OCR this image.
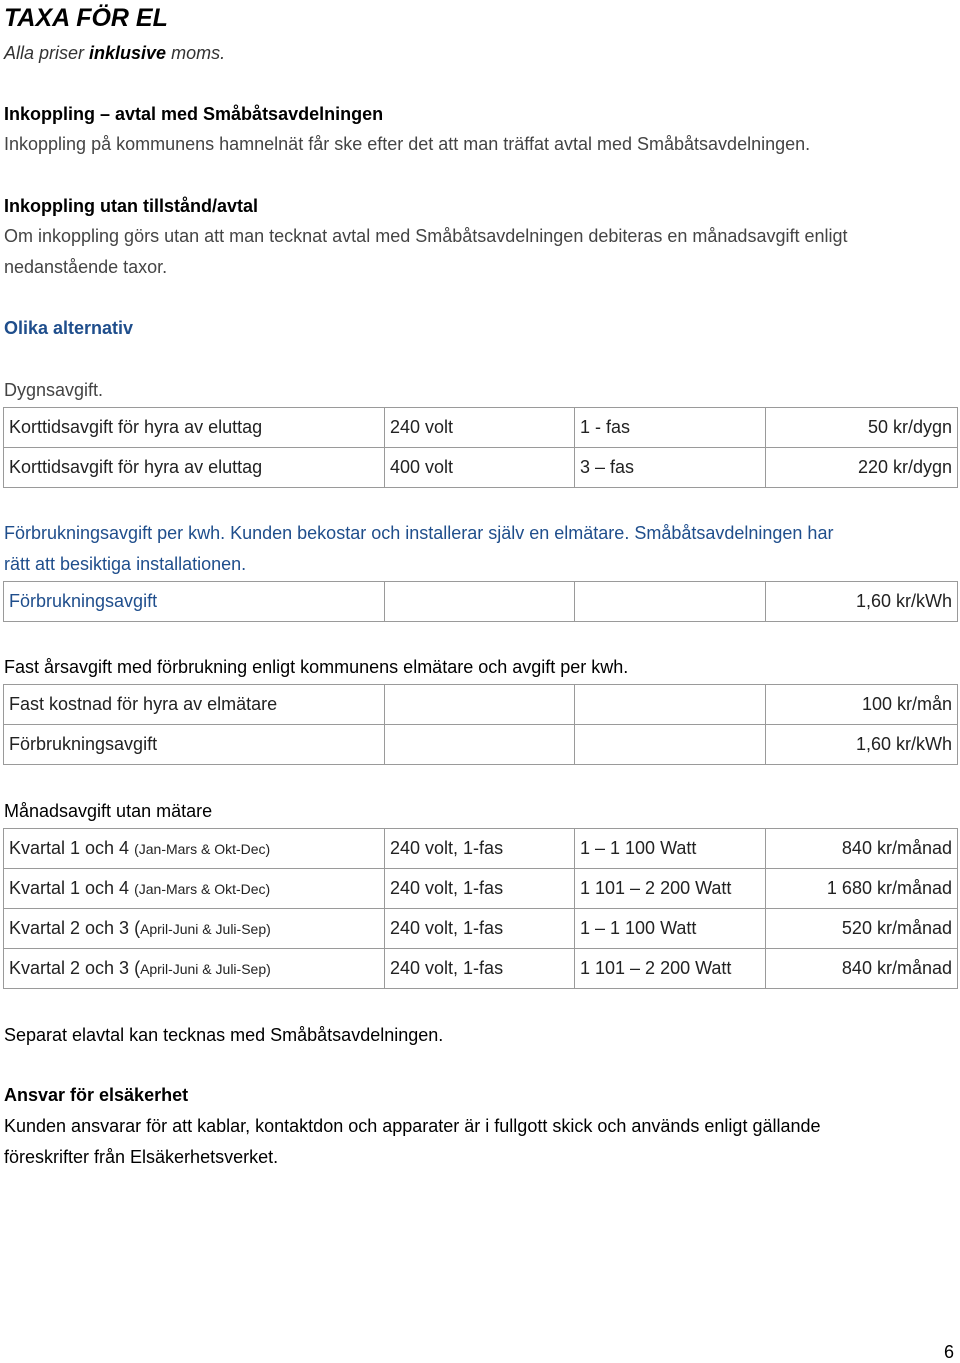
TAXA FÖR EL
Alla priser inklusive moms.
Inkoppling – avtal med Småbåtsavdelningen
Inkoppling på kommunens hamnelnät får ske efter det att man träffat avtal med Småbåtsavdelningen.
Inkoppling utan tillstånd/avtal
Om inkoppling görs utan att man tecknat avtal med Småbåtsavdelningen debiteras en månadsavgift enligt
nedanstående taxor.
Olika alternativ
Dygnsavgift.
Korttidsavgift för hyra av eluttag	240 volt	1 - fas	50 kr/dygn
Korttidsavgift för hyra av eluttag	400 volt	3 – fas	220 kr/dygn
Förbrukningsavgift per kwh. Kunden bekostar och installerar själv en elmätare. Småbåtsavdelningen har
rätt att besiktiga installationen.
Förbrukningsavgift			1,60 kr/kWh
Fast årsavgift med förbrukning enligt kommunens elmätare och avgift per kwh.
Fast kostnad för hyra av elmätare			100 kr/mån
Förbrukningsavgift			1,60 kr/kWh
Månadsavgift utan mätare
Kvartal 1 och 4 (Jan-Mars & Okt-Dec)	240 volt, 1-fas	1 – 1 100 Watt	840 kr/månad
Kvartal 1 och 4 (Jan-Mars & Okt-Dec)	240 volt, 1-fas	1 101 – 2 200 Watt	1 680 kr/månad
Kvartal 2 och 3 (April-Juni & Juli-Sep)	240 volt, 1-fas	1 – 1 100 Watt	520 kr/månad
Kvartal 2 och 3 (April-Juni & Juli-Sep)	240 volt, 1-fas	1 101 – 2 200 Watt	840 kr/månad
Separat elavtal kan tecknas med Småbåtsavdelningen.
Ansvar för elsäkerhet
Kunden ansvarar för att kablar, kontaktdon och apparater är i fullgott skick och används enligt gällande
föreskrifter från Elsäkerhetsverket.
6
